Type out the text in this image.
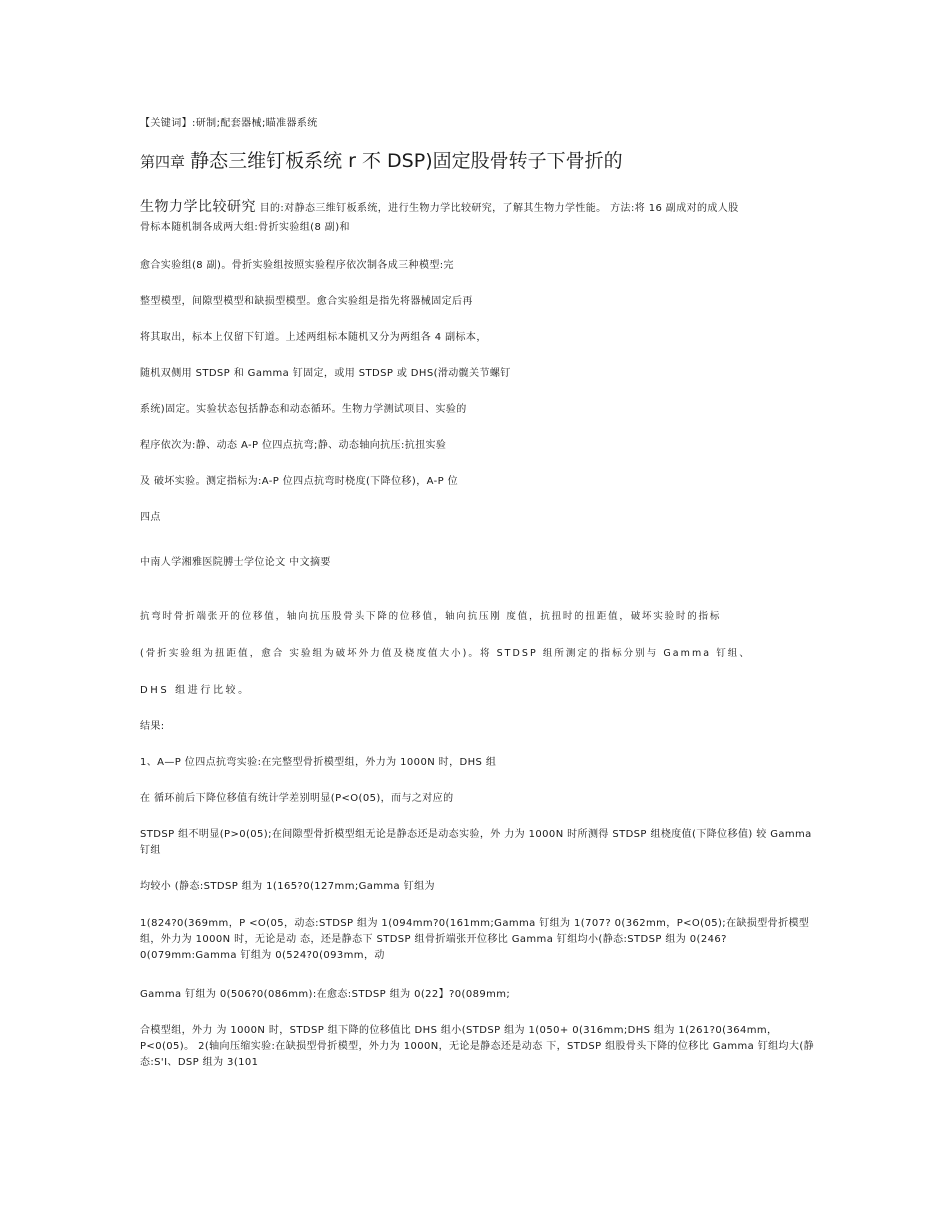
【关键词】:研制;配套器械;瞄准器系统
第四章 静态三维钉板系统 r 不 DSP)固定股骨转子下骨折的
生物力学比较研究 目的:对静态三维钉板系统，进行生物力学比较研究，了解其生物力学性能。 方法:将 16 副成对的成人股
骨标本随机制各成两大组:骨折实验组(8 副)和
愈合实验组(8 副)。骨折实验组按照实验程序依次制各成三种模型:完
整型模型，间隙型模型和缺损型模型。愈合实验组是指先将器械固定后再
将其取出，标本上仅留下钉道。上述两组标本随机又分为两组各 4 副标本，
随机双侧用 STDSP 和 Gamma 钉固定，或用 STDSP 或 DHS(滑动髋关节螺钉
系统)固定。实验状态包括静态和动态循环。生物力学测试项目、实验的
程序依次为:静、动态 A-P 位四点抗弯;静、动态轴向抗压:抗扭实验
及 破坏实验。测定指标为:A-P 位四点抗弯时桡度(下降位移)，A-P 位
四点
中南人学湘雅医院膊士学位论文 中文摘要
抗弯时骨折端张开的位移值，轴向抗压股骨头下降的位移值，轴向抗压刚 度值，抗扭时的扭距值，破坏实验时的指标
(骨折实验组为扭距值，愈合 实验组为破坏外力值及桡度值大小)。将 STDSP 组所测定的指标分别与 Gamma 钉组、
DHS 组进行比较。
结果:
1、A—P 位四点抗弯实验:在完整型骨折模型组，外力为 1000N 时，DHS 组
在 循环前后下降位移值有统计学差别明显(P<O(05)，而与之对应的
STDSP 组不明显(P>0(05);在间隙型骨折模型组无论是静态还是动态实验，外 力为 1000N 时所测得 STDSP 组桡度值(下降位移值) 较 Gamma 钉组
均较小 (静态:STDSP 组为 1(165?0(127mm;Gamma 钉组为
1(824?0(369mm，P <O(05，动态:STDSP 组为 1(094mm?0(161mm;Gamma 钉组为 1(707? 0(362mm，P<O(05);在缺损型骨折模型组，外力为 1000N 时，无论是动 态，还是静态下 STDSP 组骨折端张开位移比 Gamma 钉组均小(静态:STDSP 组为 0(246?0(079mm:Gamma 钉组为 0(524?0(093mm，动
Gamma 钉组为 0(506?0(086mm):在愈态:STDSP 组为 0(22】?0(089mm;
合模型组，外力 为 1000N 时，STDSP 组下降的位移值比 DHS 组小(STDSP 组为 1(050+ 0(316mm;DHS 组为 1(261?0(364mm，P<0(05)。 2(轴向压缩实验:在缺损型骨折模型，外力为 1000N，无论是静态还是动态 下，STDSP 组股骨头下降的位移比 Gamma 钉组均大(静态:S'I、DSP 组为 3(101
